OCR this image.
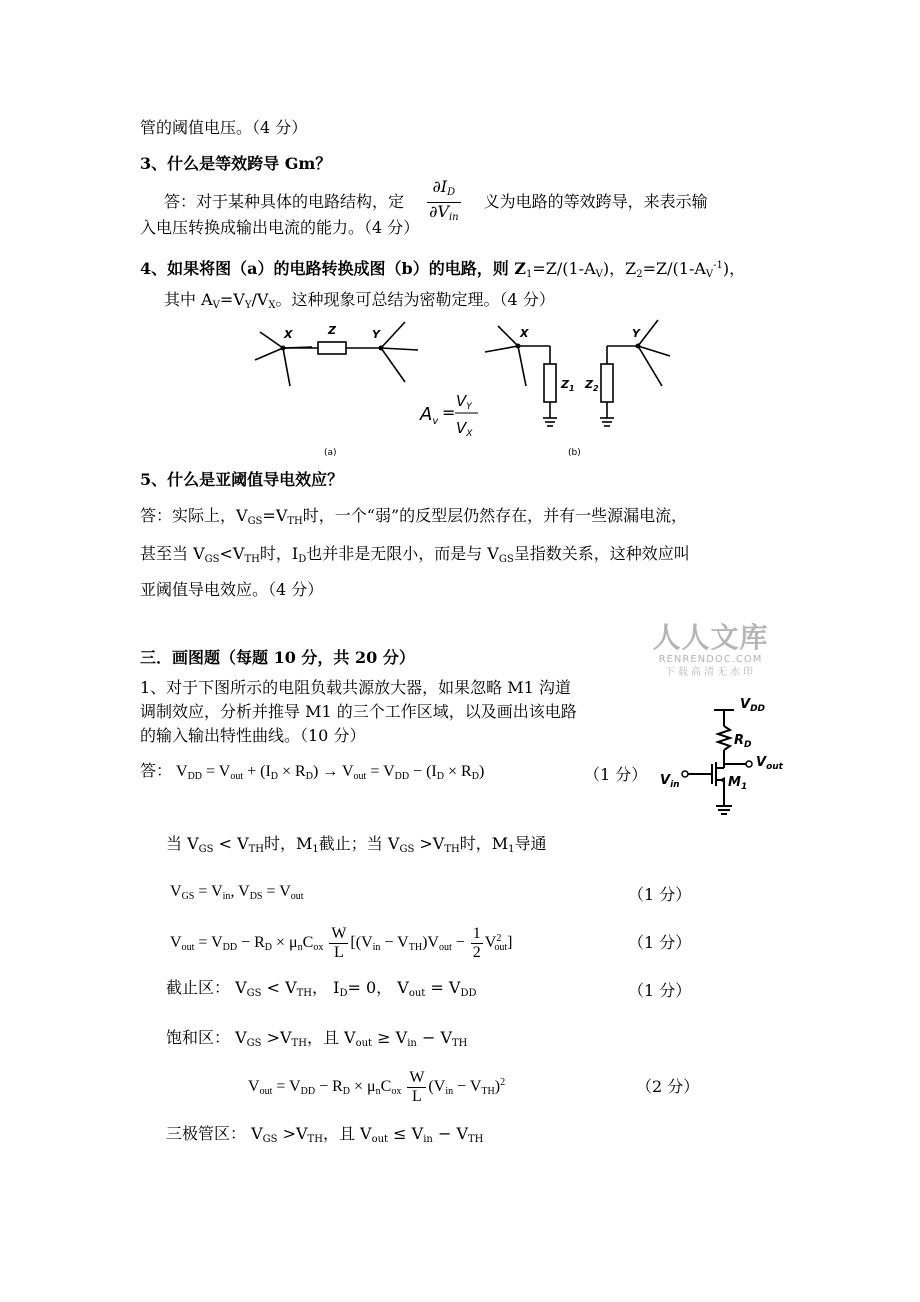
管的阈值电压。（4 分）
3、什么是等效跨导 Gm？
答：对于某种具体的电路结构，定 $\frac{\partial I_D}{\partial V_{in}}$ 义为电路的等效跨导，来表示输
入电压转换成输出电流的能力。（4 分）
4、如果将图（a）的电路转换成图（b）的电路，则 $Z_1=Z/(1-A_V)$，$Z_2=Z/(1-A_V^{-1})$，
其中 $A_V=V_Y/V_X$。这种现象可总结为密勒定理。（4 分）
X	Z	Y	X	Y
$Z_1$ $Z_2$
$A_v$ =
$V_Y$
$V_X$
(a)	(b)
5、什么是亚阈值导电效应？
答：实际上，$V_{GS}=V_{TH}$时，一个“弱”的反型层仍然存在，并有一些源漏电流，
甚至当 $V_{GS}<V_{TH}$时，$I_D$也并非是无限小，而是与 $V_{GS}$呈指数关系，这种效应叫
亚阈值导电效应。（4 分）
人人文库
RENRENDOC.COM
下载高清无水印
三．画图题（每题 10 分，共 20 分）
1、对于下图所示的电阻负载共源放大器，如果忽略 M1 沟道
调制效应，分析并推导 M1 的三个工作区域，以及画出该电路
的输入输出特性曲线。（10 分）
$V_{DD}$
$R_D$
$V_{out}$
$V_{in}$	$M_1$
答： $V_{DD} = V_{out} + (I_D \times R_D) \to V_{out} = V_{DD} - (I_D \times R_D)$	（1 分）
当 $V_{GS} < V_{TH}$时，$M_1$截止；当 $V_{GS} >V_{TH}$时，$M_1$导通
$V_{GS} = V_{in}$, $V_{DS} = V_{out}$	（1 分）
$V_{out} = V_{DD} - R_D \times \mu_nC_{ox} \frac{W}{L} [(V_{in} - V_{TH})V_{out} - \frac{1}{2} V^2_{out}]$	（1 分）
截止区： $V_{GS} < V_{TH}$， $I_D= 0$， $V_{out} = V_{DD}$	（1 分）
饱和区： $V_{GS} >V_{TH}$，且 $V_{out} \ge V_{in} - V_{TH}$
$V_{out} = V_{DD} - R_D \times \mu_nC_{ox} \frac{W}{L} (V_{in} - V_{TH})^2$	（2 分）
三极管区： $V_{GS} >V_{TH}$，且 $V_{out} \le V_{in} - V_{TH}$
